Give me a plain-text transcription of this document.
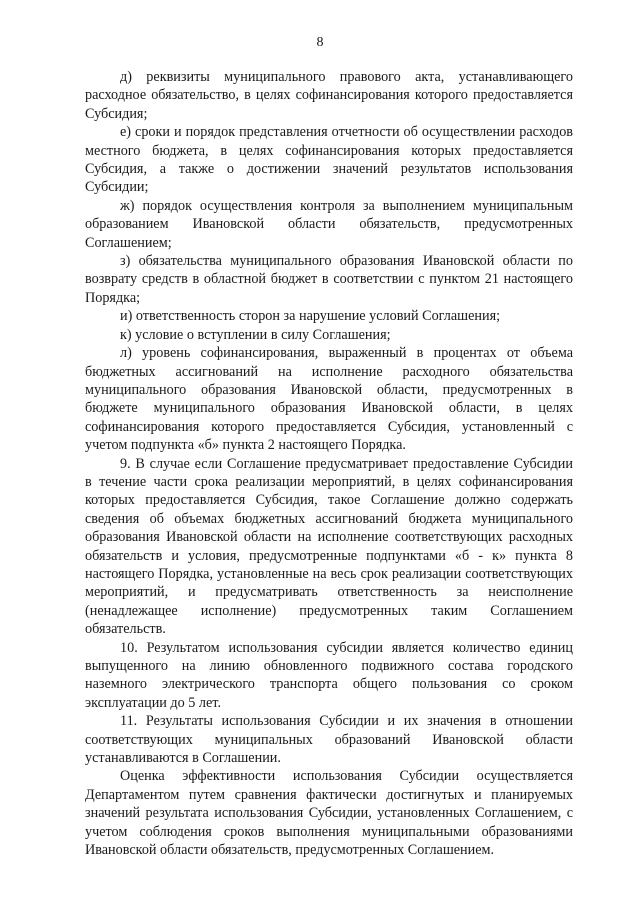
8

д) реквизиты муниципального правового акта, устанавливающего расходное обязательство, в целях софинансирования которого предоставляется Субсидия;

е) сроки и порядок представления отчетности об осуществлении расходов местного бюджета, в целях софинансирования которых предоставляется Субсидия, а также о достижении значений результатов использования Субсидии;

ж) порядок осуществления контроля за выполнением муниципальным образованием Ивановской области обязательств, предусмотренных Соглашением;

з) обязательства муниципального образования Ивановской области по возврату средств в областной бюджет в соответствии с пунктом 21 настоящего Порядка;

и) ответственность сторон за нарушение условий Соглашения;

к) условие о вступлении в силу Соглашения;

л) уровень софинансирования, выраженный в процентах от объема бюджетных ассигнований на исполнение расходного обязательства муниципального образования Ивановской области, предусмотренных в бюджете муниципального образования Ивановской области, в целях софинансирования которого предоставляется Субсидия, установленный с учетом подпункта «б» пункта 2 настоящего Порядка.

9. В случае если Соглашение предусматривает предоставление Субсидии в течение части срока реализации мероприятий, в целях софинансирования которых предоставляется Субсидия, такое Соглашение должно содержать сведения об объемах бюджетных ассигнований бюджета муниципального образования Ивановской области на исполнение соответствующих расходных обязательств и условия, предусмотренные подпунктами «б - к» пункта 8 настоящего Порядка, установленные на весь срок реализации соответствующих мероприятий, и предусматривать ответственность за неисполнение (ненадлежащее исполнение) предусмотренных таким Соглашением обязательств.

10. Результатом использования субсидии является количество единиц выпущенного на линию обновленного подвижного состава городского наземного электрического транспорта общего пользования со сроком эксплуатации до 5 лет.

11. Результаты использования Субсидии и их значения в отношении соответствующих муниципальных образований Ивановской области устанавливаются в Соглашении.

Оценка эффективности использования Субсидии осуществляется Департаментом путем сравнения фактически достигнутых и планируемых значений результата использования Субсидии, установленных Соглашением, с учетом соблюдения сроков выполнения муниципальными образованиями Ивановской области обязательств, предусмотренных Соглашением.
